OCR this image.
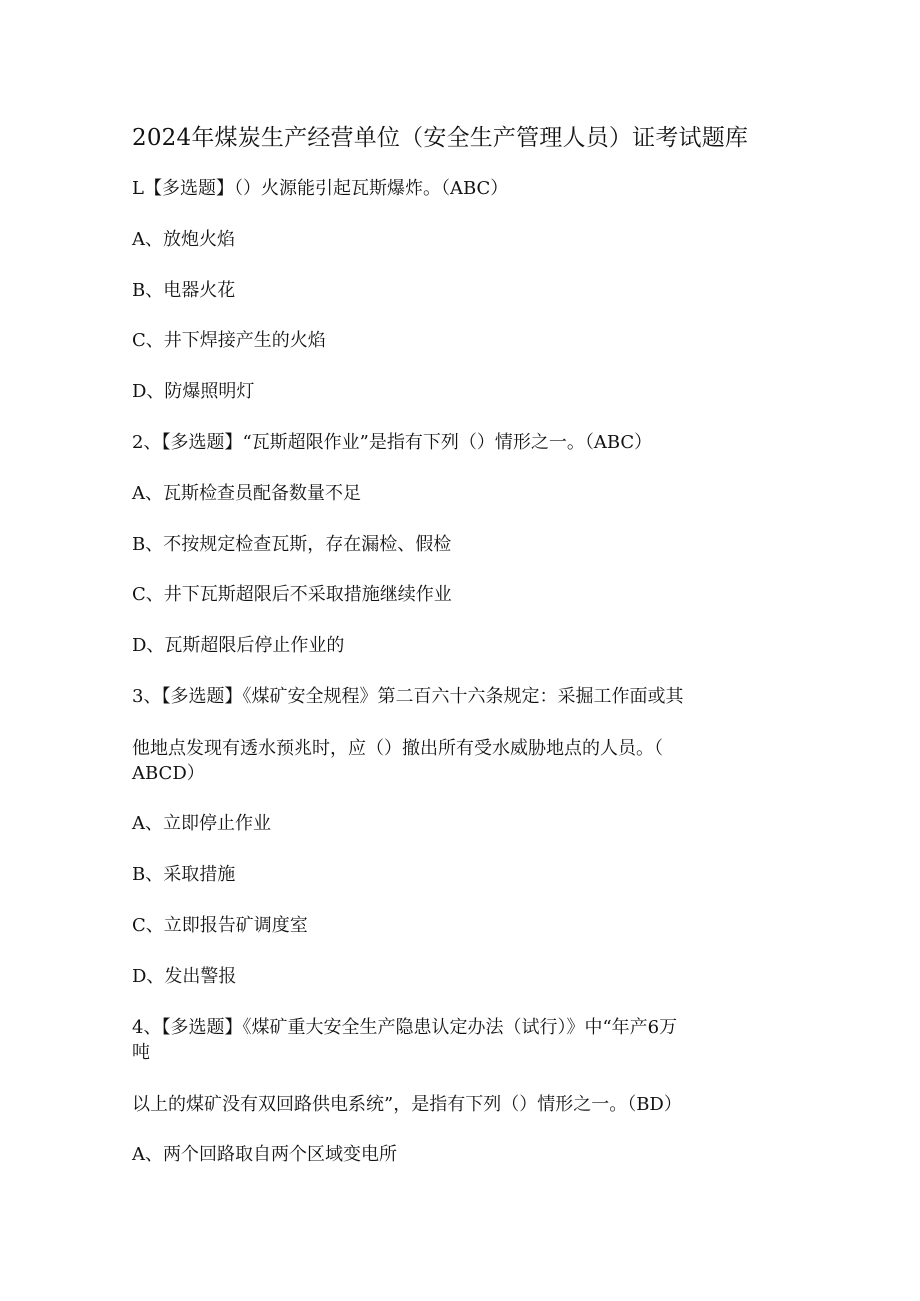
2024年煤炭生产经营单位（安全生产管理人员）证考试题库
L【多选题】（）火源能引起瓦斯爆炸。（ABC）
A、放炮火焰
B、电器火花
C、井下焊接产生的火焰
D、防爆照明灯
2、【多选题】“瓦斯超限作业”是指有下列（）情形之一。（ABC）
A、瓦斯检查员配备数量不足
B、不按规定检查瓦斯，存在漏检、假检
C、井下瓦斯超限后不采取措施继续作业
D、瓦斯超限后停止作业的
3、【多选题】《煤矿安全规程》第二百六十六条规定：采掘工作面或其
他地点发现有透水预兆时，应（）撤出所有受水威胁地点的人员。（
ABCD）
A、立即停止作业
B、采取措施
C、立即报告矿调度室
D、发出警报
4、【多选题】《煤矿重大安全生产隐患认定办法（试行）》中“年产6万
吨
以上的煤矿没有双回路供电系统”，是指有下列（）情形之一。（BD）
A、两个回路取自两个区域变电所
